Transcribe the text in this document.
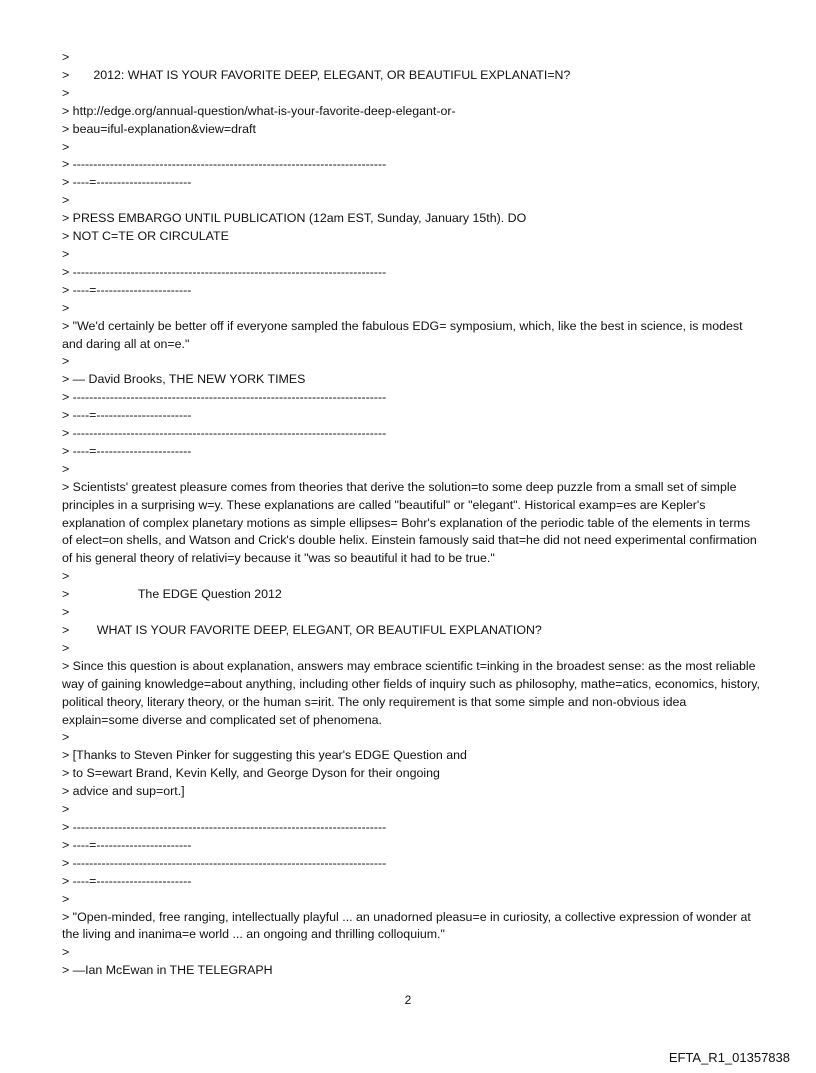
>
>       2012: WHAT IS YOUR FAVORITE DEEP, ELEGANT, OR BEAUTIFUL EXPLANATI=N?
>
> http://edge.org/annual-question/what-is-your-favorite-deep-elegant-or-
> beau=iful-explanation&view=draft
>
> ----------------------------------------------------------------------------
> ----=-----------------------
>
> PRESS EMBARGO UNTIL PUBLICATION (12am EST, Sunday, January 15th). DO
> NOT C=TE OR CIRCULATE
>
> ----------------------------------------------------------------------------
> ----=-----------------------
>
> "We'd certainly be better off if everyone sampled the fabulous EDG= symposium, which, like the best in science, is modest and daring all at on=e."
>
> — David Brooks, THE NEW YORK TIMES
> ----------------------------------------------------------------------------
> ----=-----------------------
> ----------------------------------------------------------------------------
> ----=-----------------------
>
> Scientists' greatest pleasure comes from theories that derive the solution=to some deep puzzle from a small set of simple principles in a surprising w=y. These explanations are called "beautiful" or "elegant". Historical examp=es are Kepler's explanation of complex planetary motions as simple ellipses= Bohr's explanation of the periodic table of the elements in terms of elect=on shells, and Watson and Crick's double helix. Einstein famously said that=he did not need experimental confirmation of his general theory of relativi=y because it "was so beautiful it had to be true."
>
>                    The EDGE Question 2012
>
>        WHAT IS YOUR FAVORITE DEEP, ELEGANT, OR BEAUTIFUL EXPLANATION?
>
> Since this question is about explanation, answers may embrace scientific t=inking in the broadest sense: as the most reliable way of gaining knowledge=about anything, including other fields of inquiry such as philosophy, mathe=atics, economics, history, political theory, literary theory, or the human s=irit. The only requirement is that some simple and non-obvious idea explain=some diverse and complicated set of phenomena.
>
> [Thanks to Steven Pinker for suggesting this year's EDGE Question and
> to S=ewart Brand, Kevin Kelly, and George Dyson for their ongoing
> advice and sup=ort.]
>
> ----------------------------------------------------------------------------
> ----=-----------------------
> ----------------------------------------------------------------------------
> ----=-----------------------
>
> "Open-minded, free ranging, intellectually playful ... an unadorned pleasu=e in curiosity, a collective expression of wonder at the living and inanima=e world ... an ongoing and thrilling colloquium."
>
> —Ian McEwan in THE TELEGRAPH
2
EFTA_R1_01357838
